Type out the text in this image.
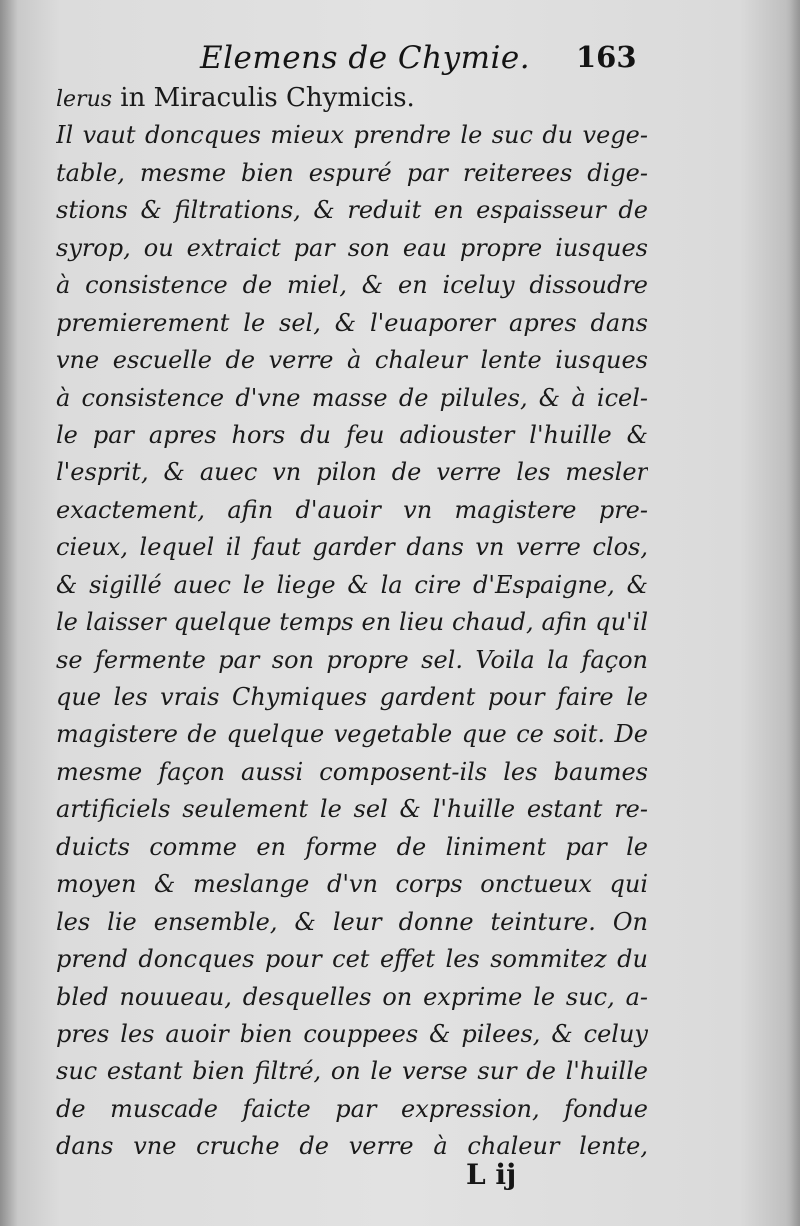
Elemens de Chymie. 163
lerus in Miraculis Chymicis.
Il vaut doncques mieux prendre le suc du vege-
table, mesme bien espuré par reiterees dige-
stions & filtrations, & reduit en espaisseur de
syrop, ou extraict par son eau propre iusques
à consistence de miel, & en iceluy dissoudre
premierement le sel, & l'euaporer apres dans
vne escuelle de verre à chaleur lente iusques
à consistence d'vne masse de pilules, & à icel-
le par apres hors du feu adiouster l'huille &
l'esprit, & auec vn pilon de verre les mesler
exactement, afin d'auoir vn magistere pre-
cieux, lequel il faut garder dans vn verre clos,
& sigillé auec le liege & la cire d'Espaigne, &
le laisser quelque temps en lieu chaud, afin qu'il
se fermente par son propre sel. Voila la façon
que les vrais Chymiques gardent pour faire le
magistere de quelque vegetable que ce soit. De
mesme façon aussi composent-ils les baumes
artificiels seulement le sel & l'huille estant re-
duicts comme en forme de liniment par le
moyen & meslange d'vn corps onctueux qui
les lie ensemble, & leur donne teinture. On
prend doncques pour cet effet les sommitez du
bled nouueau, desquelles on exprime le suc, a-
pres les auoir bien couppees & pilees, & celuy
suc estant bien filtré, on le verse sur de l'huille
de muscade faicte par expression, fondue
dans vne cruche de verre à chaleur lente,
L ij
